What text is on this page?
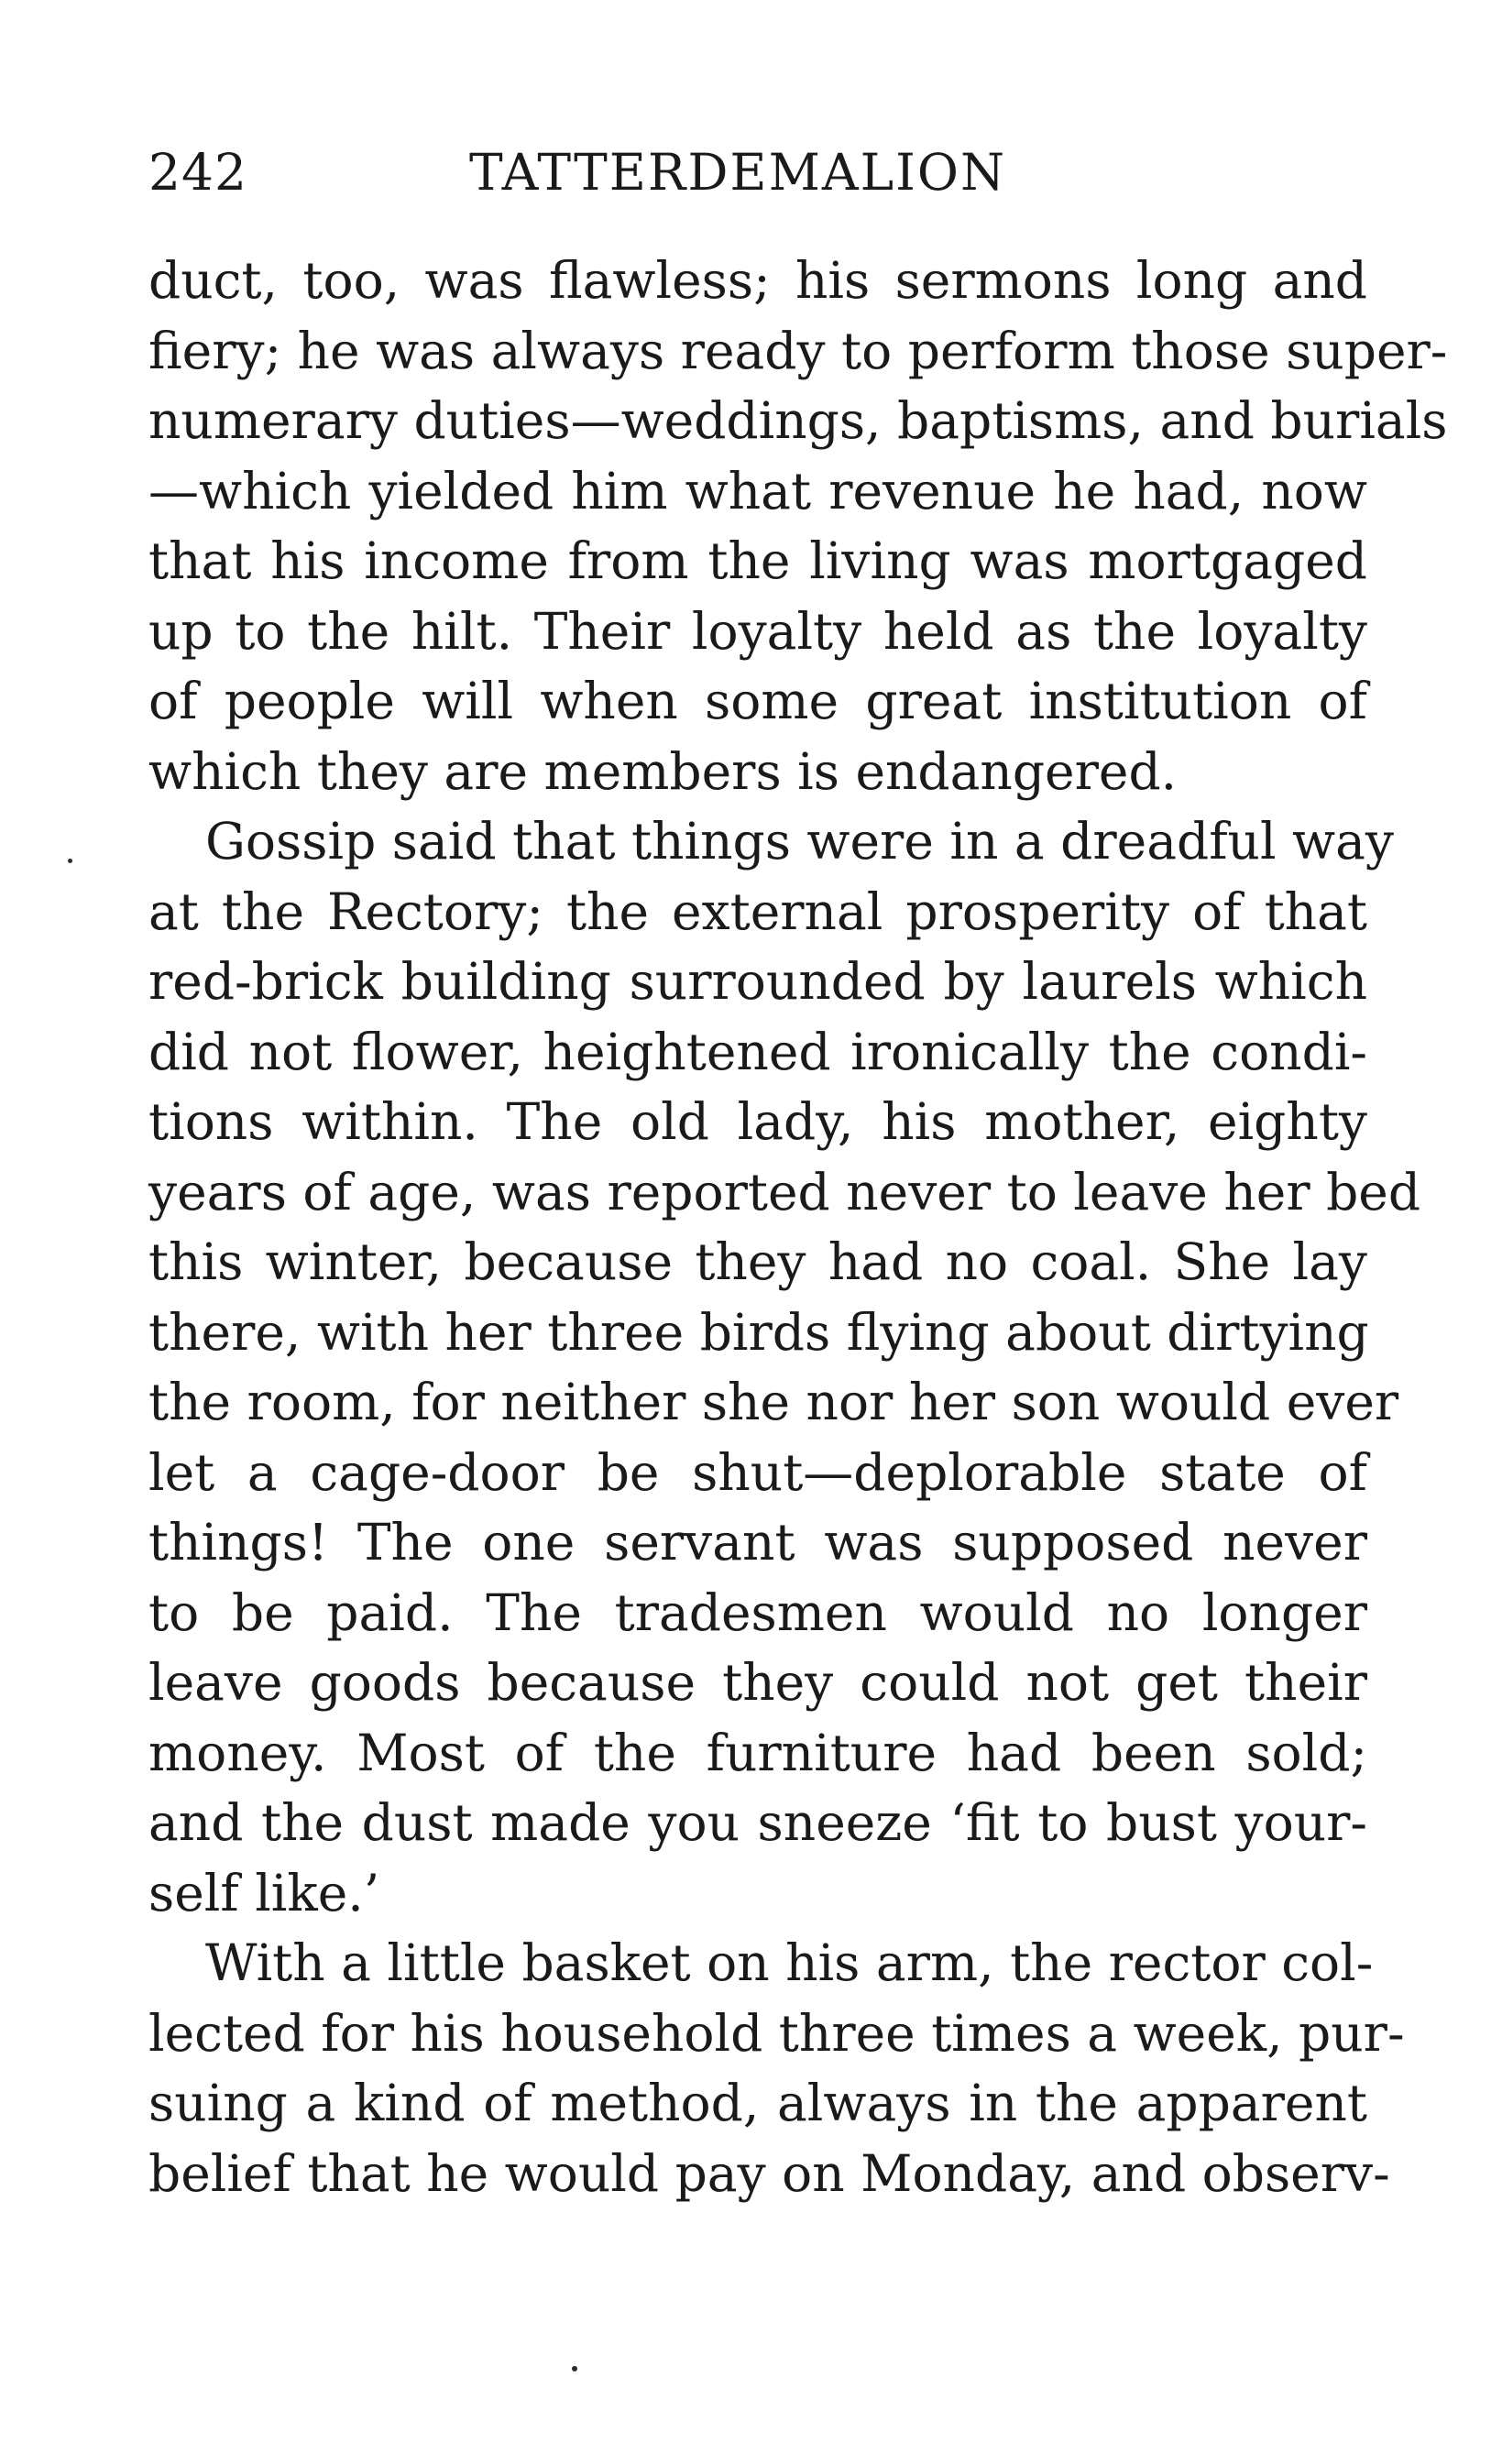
242	TATTERDEMALION
duct, too, was flawless; his sermons long and
fiery; he was always ready to perform those super-
numerary duties—weddings, baptisms, and burials
—which yielded him what revenue he had, now
that his income from the living was mortgaged
up to the hilt. Their loyalty held as the loyalty
of people will when some great institution of
which they are members is endangered.
Gossip said that things were in a dreadful way
at the Rectory; the external prosperity of that
red-brick building surrounded by laurels which
did not flower, heightened ironically the condi-
tions within. The old lady, his mother, eighty
years of age, was reported never to leave her bed
this winter, because they had no coal. She lay
there, with her three birds flying about dirtying
the room, for neither she nor her son would ever
let a cage-door be shut—deplorable state of
things! The one servant was supposed never
to be paid. The tradesmen would no longer
leave goods because they could not get their
money. Most of the furniture had been sold;
and the dust made you sneeze ‘fit to bust your-
self like.’
With a little basket on his arm, the rector col-
lected for his household three times a week, pur-
suing a kind of method, always in the apparent
belief that he would pay on Monday, and observ-
